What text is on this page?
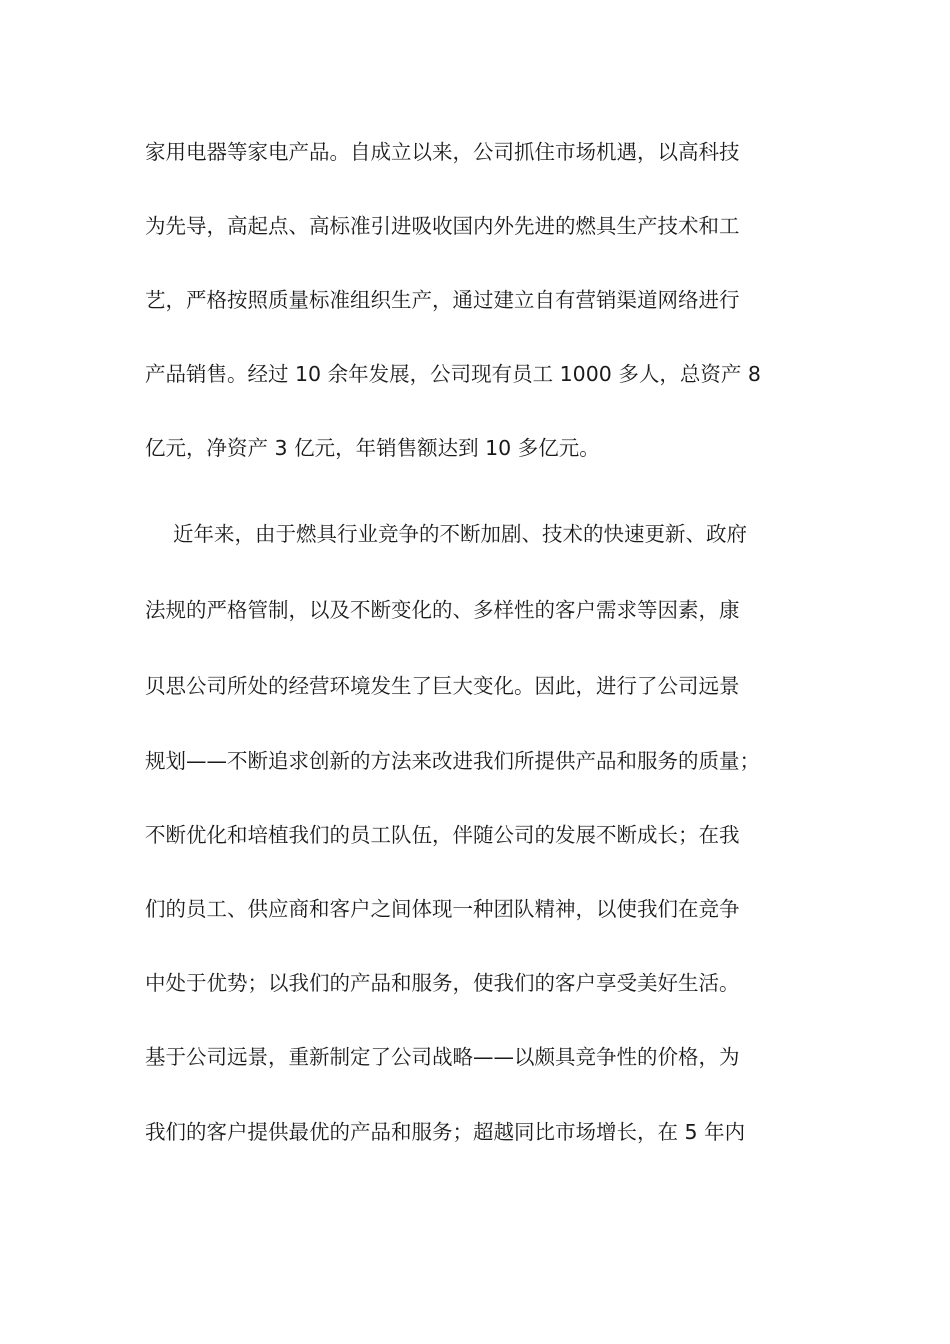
家用电器等家电产品。自成立以来，公司抓住市场机遇，以高科技
为先导，高起点、高标准引进吸收国内外先进的燃具生产技术和工
艺，严格按照质量标准组织生产，通过建立自有营销渠道网络进行
产品销售。经过 10 余年发展，公司现有员工 1000 多人，总资产 8
亿元，净资产 3 亿元，年销售额达到 10 多亿元。
近年来，由于燃具行业竞争的不断加剧、技术的快速更新、政府
法规的严格管制，以及不断变化的、多样性的客户需求等因素，康
贝思公司所处的经营环境发生了巨大变化。因此，进行了公司远景
规划——不断追求创新的方法来改进我们所提供产品和服务的质量；
不断优化和培植我们的员工队伍，伴随公司的发展不断成长；在我
们的员工、供应商和客户之间体现一种团队精神，以使我们在竞争
中处于优势；以我们的产品和服务，使我们的客户享受美好生活。
基于公司远景，重新制定了公司战略——以颇具竞争性的价格，为
我们的客户提供最优的产品和服务；超越同比市场增长，在 5 年内
